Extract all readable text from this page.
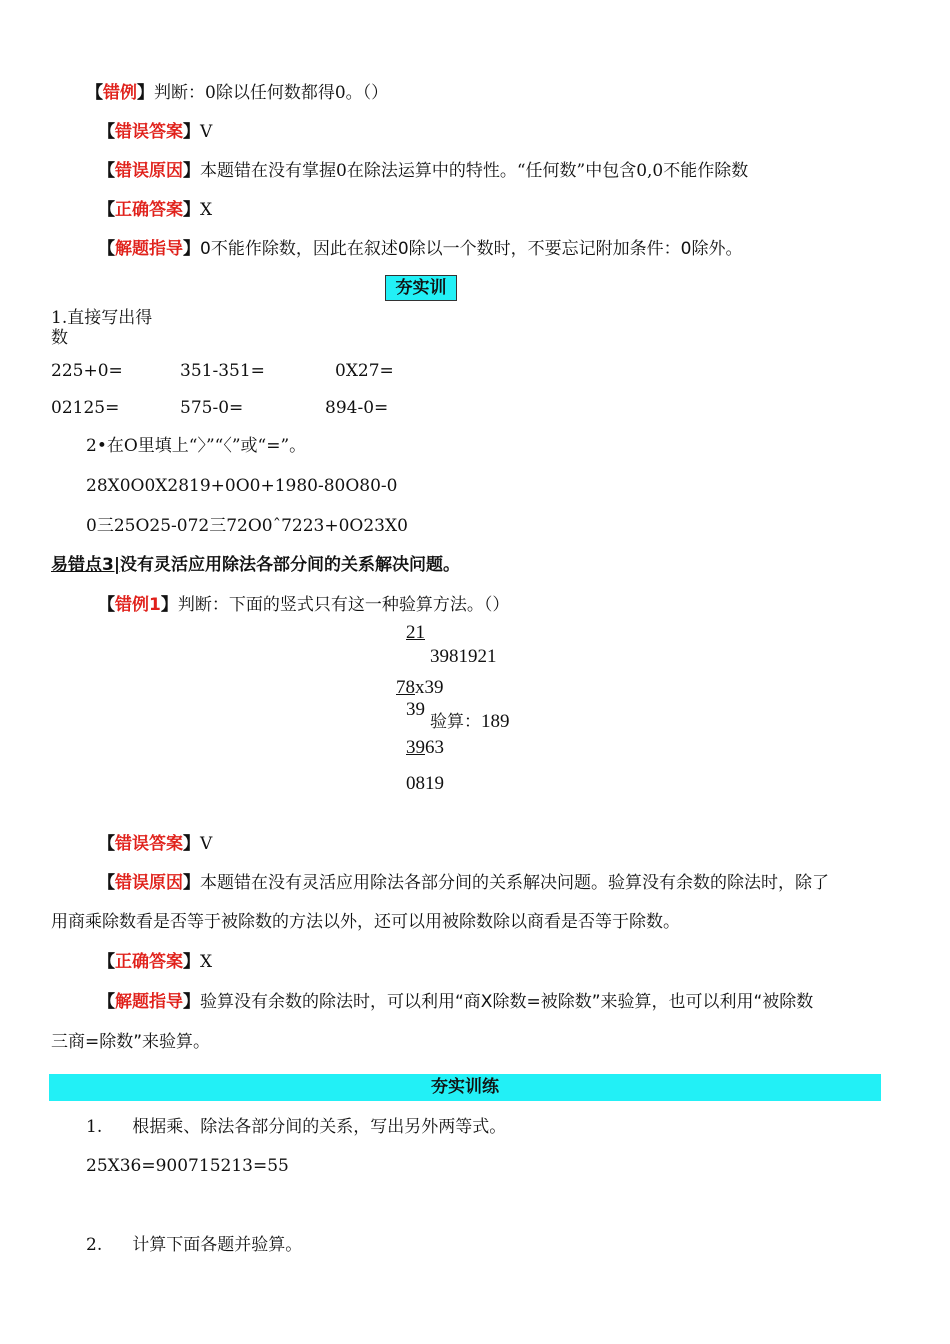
【错例】判断：0除以任何数都得0。（）
【错误答案】V
【错误原因】本题错在没有掌握0在除法运算中的特性。“任何数”中包含0,0不能作除数
【正确答案】X
【解题指导】0不能作除数，因此在叙述0除以一个数时，不要忘记附加条件：0除外。
夯实训
1.直接写出得
数
225+0=	351-351=	0X27=
02125=	575-0=	894-0=
2•在O里填上“〉”“〈”或“=”。
28X0O0X2819+0O0+1980-80O80-0
0三25O25-072三72O0ˆ7223+0O23X0
易错点3|没有灵活应用除法各部分间的关系解决问题。
【错例1】判断：下面的竖式只有这一种验算方法。（）
21
3981921
78x39
39
验算：189
3963
0819
【错误答案】V
【错误原因】本题错在没有灵活应用除法各部分间的关系解决问题。验算没有余数的除法时，除了
用商乘除数看是否等于被除数的方法以外，还可以用被除数除以商看是否等于除数。
【正确答案】X
【解题指导】验算没有余数的除法时，可以利用“商X除数=被除数”来验算，也可以利用“被除数
三商=除数”来验算。
夯实训练
1. 根据乘、除法各部分间的关系，写出另外两等式。
25X36=900715213=55
2. 计算下面各题并验算。
